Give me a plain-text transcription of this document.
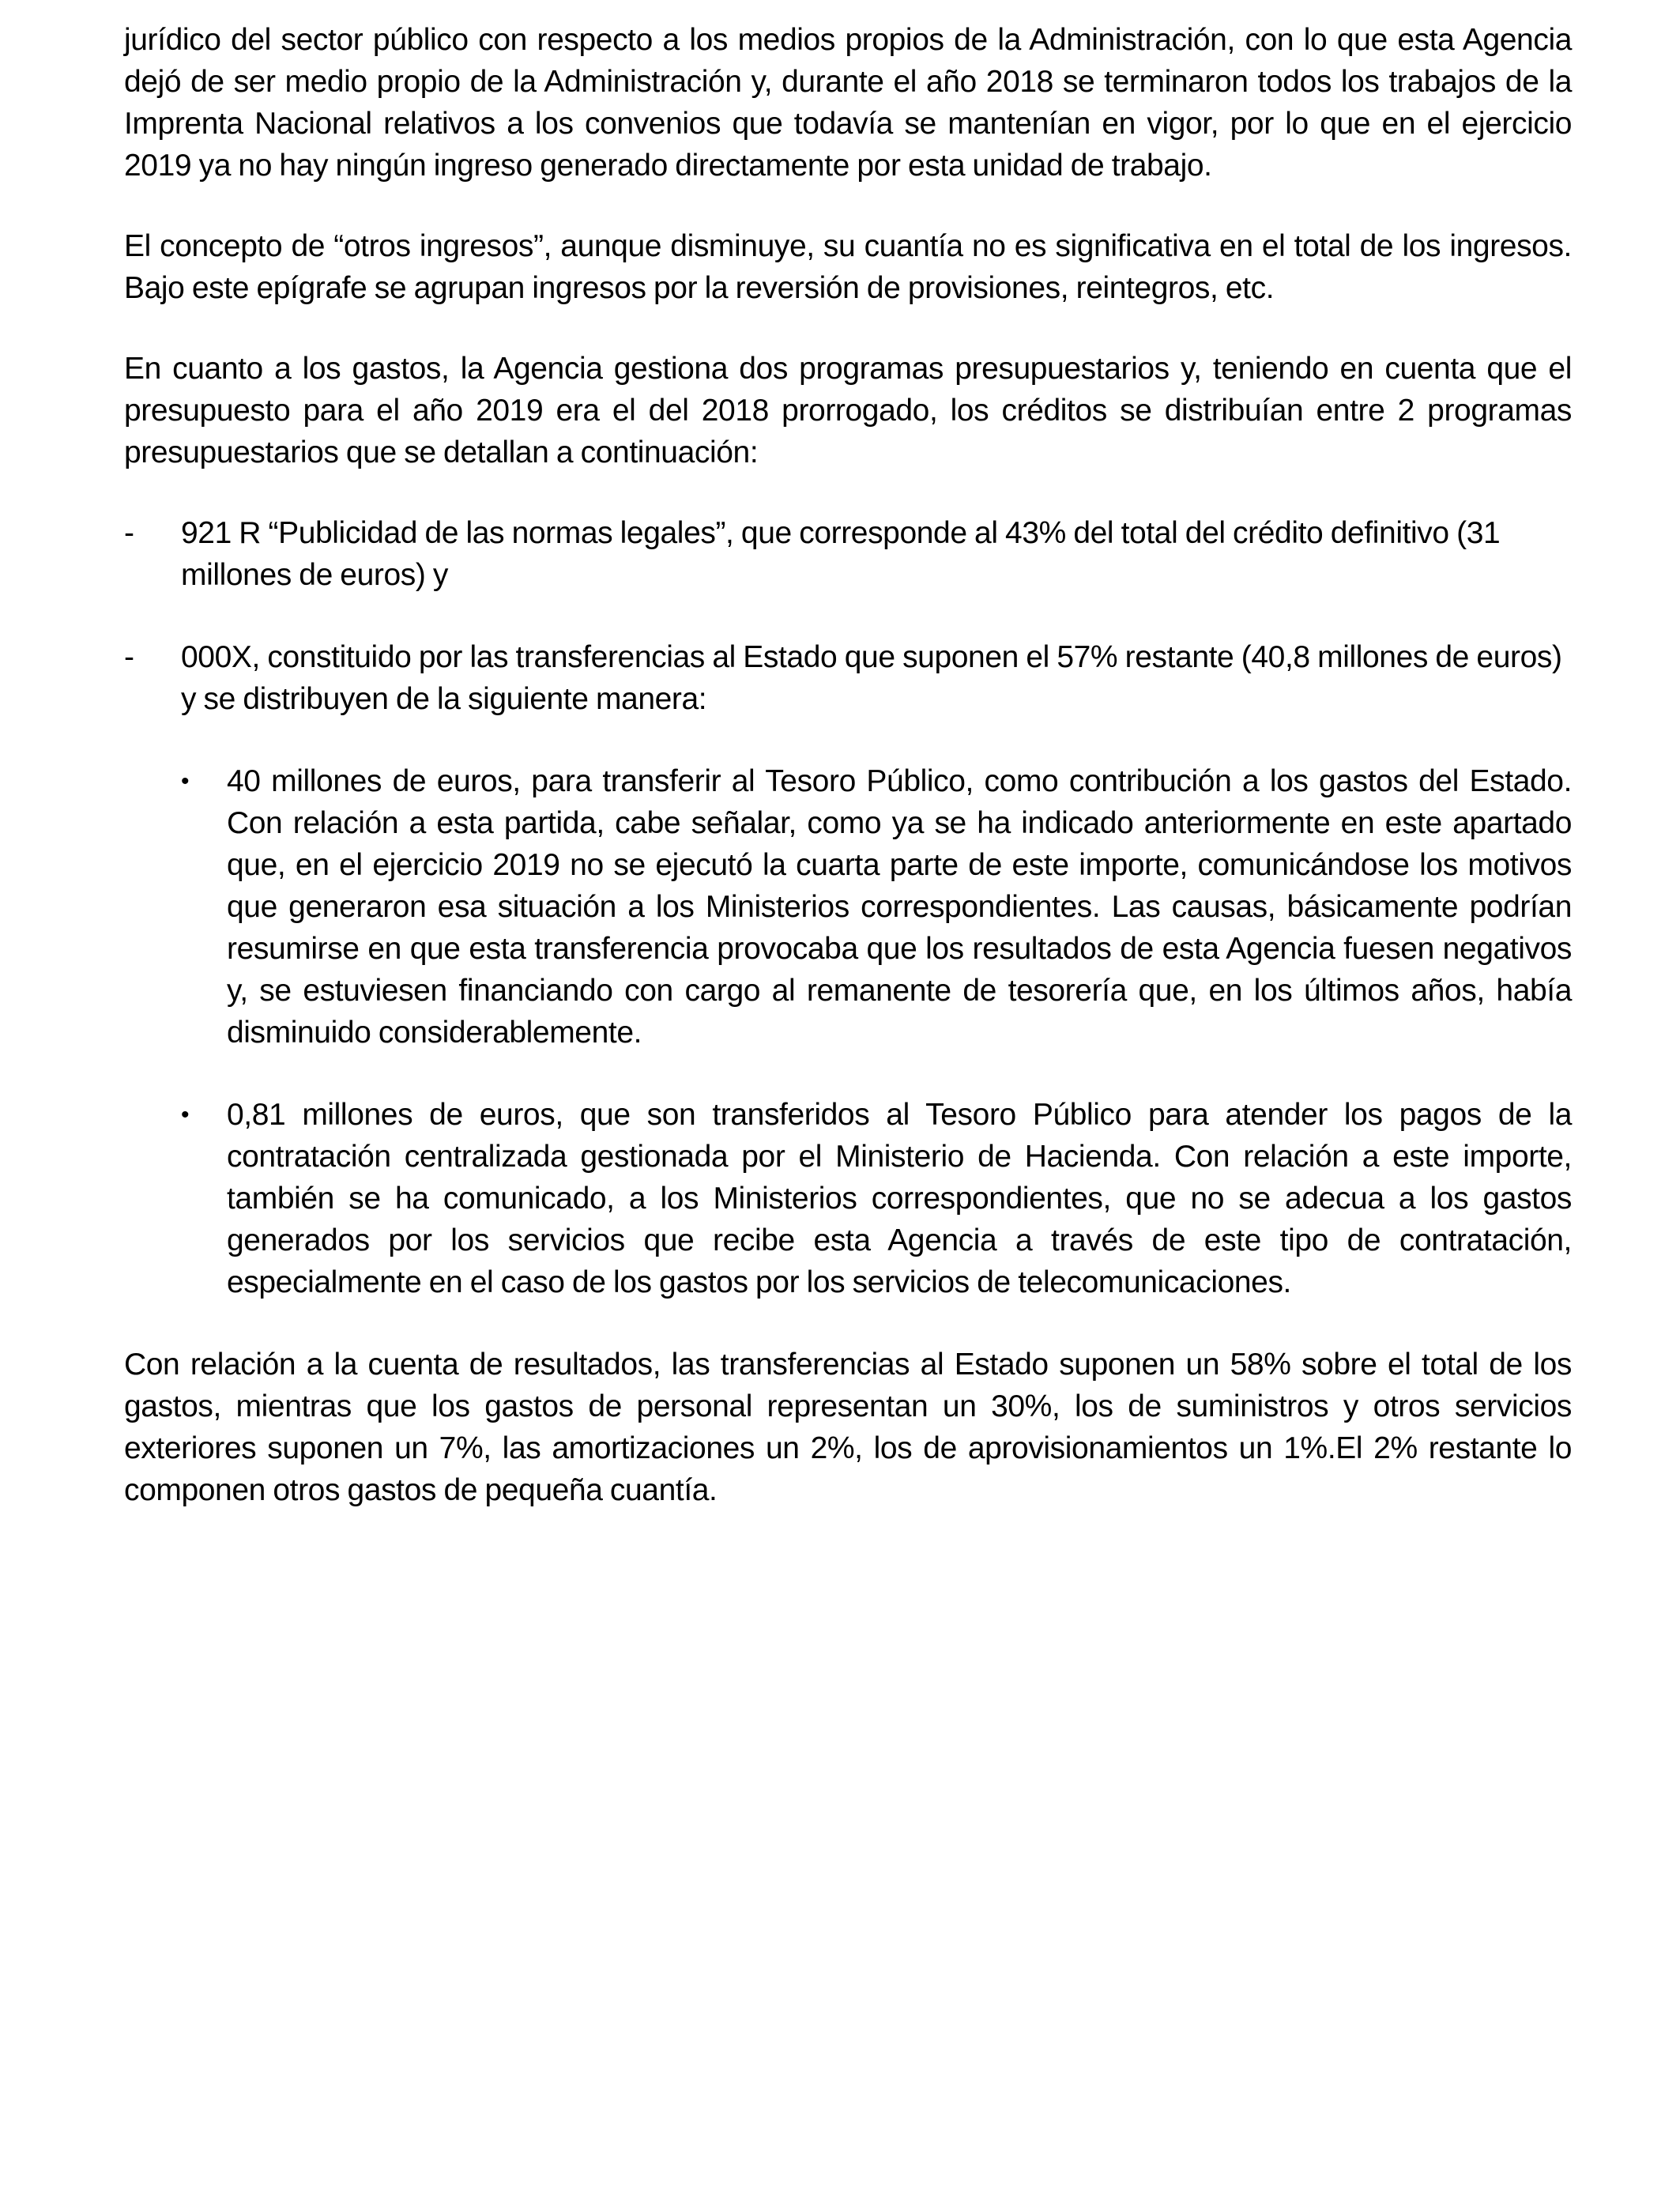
jurídico del sector público con respecto a los medios propios de la Administración, con lo que esta Agencia dejó de ser medio propio de la Administración y, durante el año 2018 se terminaron todos los trabajos de la Imprenta Nacional relativos a los convenios que todavía se mantenían en vigor, por lo que en el ejercicio 2019 ya no hay ningún ingreso generado directamente por esta unidad de trabajo.

El concepto de “otros ingresos”, aunque disminuye, su cuantía no es significativa en el total de los ingresos. Bajo este epígrafe se agrupan ingresos por la reversión de provisiones, reintegros, etc.

En cuanto a los gastos, la Agencia gestiona dos programas presupuestarios y, teniendo en cuenta que el presupuesto para el año 2019 era el del 2018 prorrogado, los créditos se distribuían entre 2 programas presupuestarios que se detallan a continuación:

- 921 R “Publicidad de las normas legales”, que corresponde al 43% del total del crédito definitivo (31 millones de euros) y
- 000X, constituido por las transferencias al Estado que suponen el 57% restante (40,8 millones de euros) y se distribuyen de la siguiente manera:
• 40 millones de euros, para transferir al Tesoro Público, como contribución a los gastos del Estado. Con relación a esta partida, cabe señalar, como ya se ha indicado anteriormente en este apartado que, en el ejercicio 2019 no se ejecutó la cuarta parte de este importe, comunicándose los motivos que generaron esa situación a los Ministerios correspondientes. Las causas, básicamente podrían resumirse en que esta transferencia provocaba que los resultados de esta Agencia fuesen negativos y, se estuviesen financiando con cargo al remanente de tesorería que, en los últimos años, había disminuido considerablemente.
• 0,81 millones de euros, que son transferidos al Tesoro Público para atender los pagos de la contratación centralizada gestionada por el Ministerio de Hacienda. Con relación a este importe, también se ha comunicado, a los Ministerios correspondientes, que no se adecua a los gastos generados por los servicios que recibe esta Agencia a través de este tipo de contratación, especialmente en el caso de los gastos por los servicios de telecomunicaciones.

Con relación a la cuenta de resultados, las transferencias al Estado suponen un 58% sobre el total de los gastos, mientras que los gastos de personal representan un 30%, los de suministros y otros servicios exteriores suponen un 7%, las amortizaciones un 2%, los de aprovisionamientos un 1%.El 2% restante lo componen otros gastos de pequeña cuantía.
